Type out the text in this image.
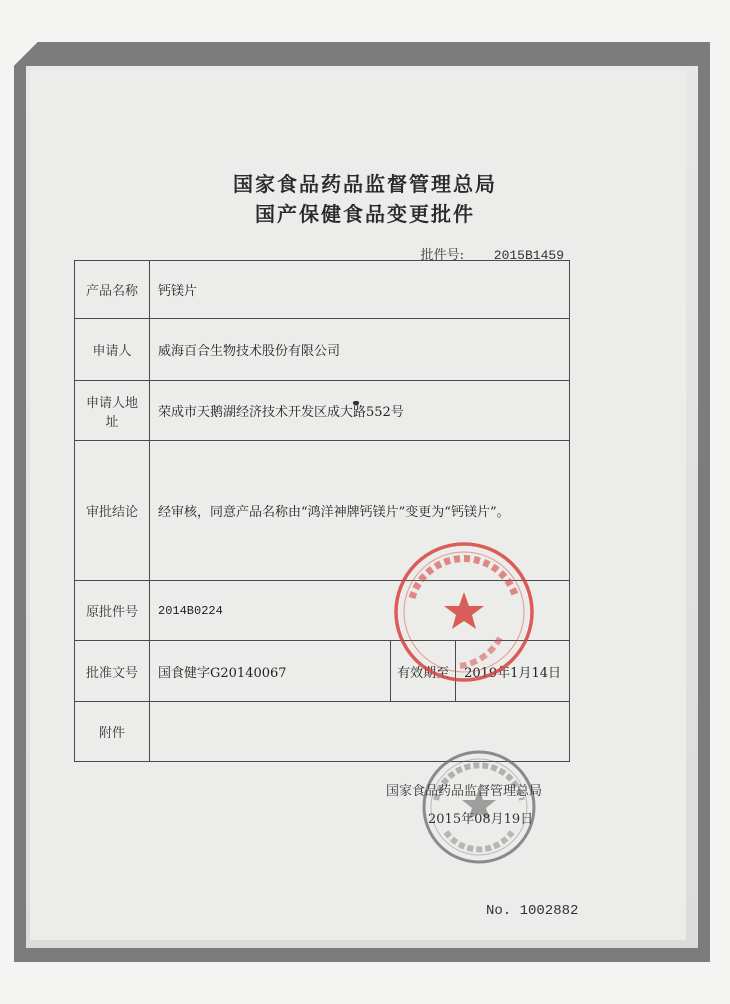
国家食品药品监督管理总局
国产保健食品变更批件
批件号: 2015B1459
产品名称	钙镁片
申请人	威海百合生物技术股份有限公司
申请人地址	荣成市天鹅湖经济技术开发区成大路552号
审批结论	经审核，同意产品名称由“鸿洋神牌钙镁片”变更为“钙镁片”。
原批件号	2014B0224
批准文号	国食健字G20140067 有效期至 2019年1月14日

附件	
国家食品药品监督管理总局
2015年08月19日
No. 1002882
